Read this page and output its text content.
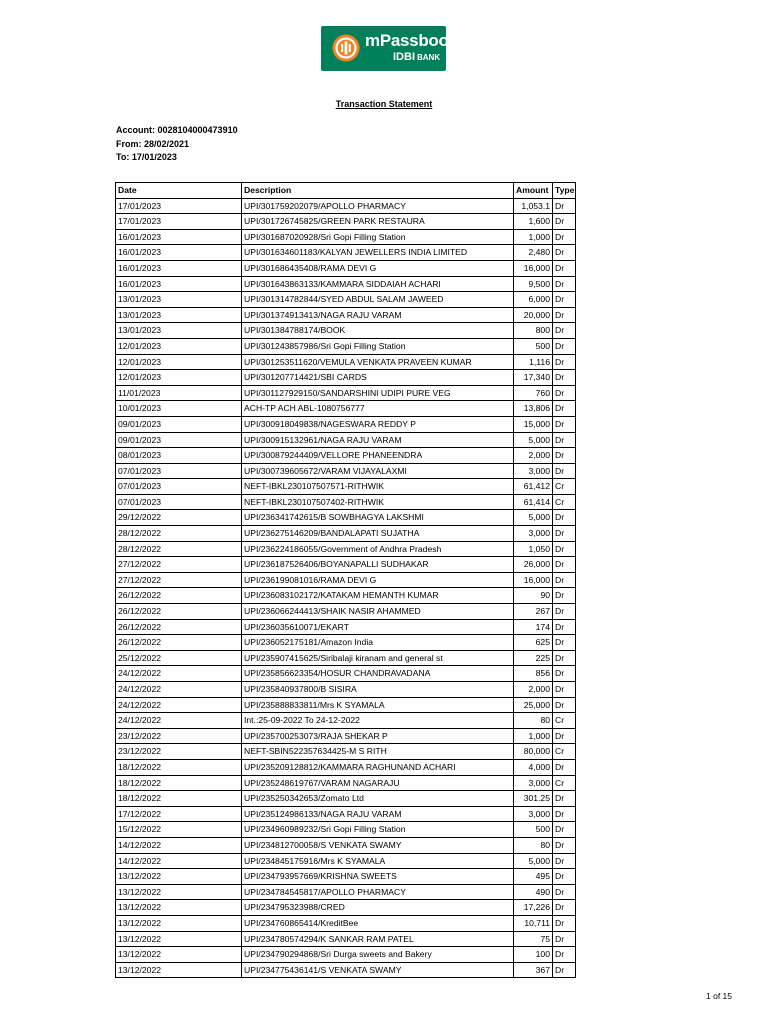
mPassbook
IDBI BANK
Transaction Statement
Account: 0028104000473910
From: 28/02/2021
To: 17/01/2023
Date	Description	Amount	Type
17/01/2023	UPI/301759202079/APOLLO PHARMACY	1,053.1	Dr
17/01/2023	UPI/301726745825/GREEN PARK RESTAURA	1,600	Dr
16/01/2023	UPI/301687020928/Sri Gopi Filling Station	1,000	Dr
16/01/2023	UPI/301634601183/KALYAN JEWELLERS INDIA LIMITED	2,480	Dr
16/01/2023	UPI/301686435408/RAMA DEVI G	16,000	Dr
16/01/2023	UPI/301643863133/KAMMARA SIDDAIAH ACHARI	9,500	Dr
13/01/2023	UPI/301314782844/SYED ABDUL SALAM JAWEED	6,000	Dr
13/01/2023	UPI/301374913413/NAGA RAJU VARAM	20,000	Dr
13/01/2023	UPI/301384788174/BOOK	800	Dr
12/01/2023	UPI/301243857986/Sri Gopi Filling Station	500	Dr
12/01/2023	UPI/301253511620/VEMULA VENKATA PRAVEEN KUMAR	1,116	Dr
12/01/2023	UPI/301207714421/SBI CARDS	17,340	Dr
11/01/2023	UPI/301127929150/SANDARSHINI UDIPI PURE VEG	760	Dr
10/01/2023	ACH-TP ACH ABL-1080756777	13,806	Dr
09/01/2023	UPI/300918049838/NAGESWARA REDDY P	15,000	Dr
09/01/2023	UPI/300915132961/NAGA RAJU VARAM	5,000	Dr
08/01/2023	UPI/300879244409/VELLORE PHANEENDRA	2,000	Dr
07/01/2023	UPI/300739605672/VARAM VIJAYALAXMI	3,000	Dr
07/01/2023	NEFT-IBKL230107507571-RITHWIK	61,412	Cr
07/01/2023	NEFT-IBKL230107507402-RITHWIK	61,414	Cr
29/12/2022	UPI/236341742615/B SOWBHAGYA LAKSHMI	5,000	Dr
28/12/2022	UPI/236275146209/BANDALAPATI SUJATHA	3,000	Dr
28/12/2022	UPI/236224186055/Government of Andhra Pradesh	1,050	Dr
27/12/2022	UPI/236187526406/BOYANAPALLI SUDHAKAR	26,000	Dr
27/12/2022	UPI/236199081016/RAMA DEVI G	16,000	Dr
26/12/2022	UPI/236083102172/KATAKAM HEMANTH KUMAR	90	Dr
26/12/2022	UPI/236066244413/SHAIK NASIR AHAMMED	267	Dr
26/12/2022	UPI/236035610071/EKART	174	Dr
26/12/2022	UPI/236052175181/Amazon India	625	Dr
25/12/2022	UPI/235907415625/Siribalaji kiranam and general st	225	Dr
24/12/2022	UPI/235856623354/HOSUR CHANDRAVADANA	856	Dr
24/12/2022	UPI/235840937800/B SISIRA	2,000	Dr
24/12/2022	UPI/235888833811/Mrs K SYAMALA	25,000	Dr
24/12/2022	Int.:25-09-2022 To 24-12-2022	80	Cr
23/12/2022	UPI/235700253073/RAJA SHEKAR P	1,000	Dr
23/12/2022	NEFT-SBIN522357634425-M S RITH	80,000	Cr
18/12/2022	UPI/235209128812/KAMMARA RAGHUNAND ACHARI	4,000	Dr
18/12/2022	UPI/235248619767/VARAM NAGARAJU	3,000	Cr
18/12/2022	UPI/235250342653/Zomato Ltd	301.25	Dr
17/12/2022	UPI/235124986133/NAGA RAJU VARAM	3,000	Dr
15/12/2022	UPI/234960989232/Sri Gopi Filling Station	500	Dr
14/12/2022	UPI/234812700058/S VENKATA SWAMY	80	Dr
14/12/2022	UPI/234845175916/Mrs K SYAMALA	5,000	Dr
13/12/2022	UPI/234793957669/KRISHNA SWEETS	495	Dr
13/12/2022	UPI/234784545817/APOLLO PHARMACY	490	Dr
13/12/2022	UPI/234795323988/CRED	17,226	Dr
13/12/2022	UPI/234760865414/KreditBee	10,711	Dr
13/12/2022	UPI/234780574294/K SANKAR RAM PATEL	75	Dr
13/12/2022	UPI/234790294868/Sri Durga sweets and Bakery	100	Dr
13/12/2022	UPI/234775436141/S VENKATA SWAMY	367	Dr
1 of 15
